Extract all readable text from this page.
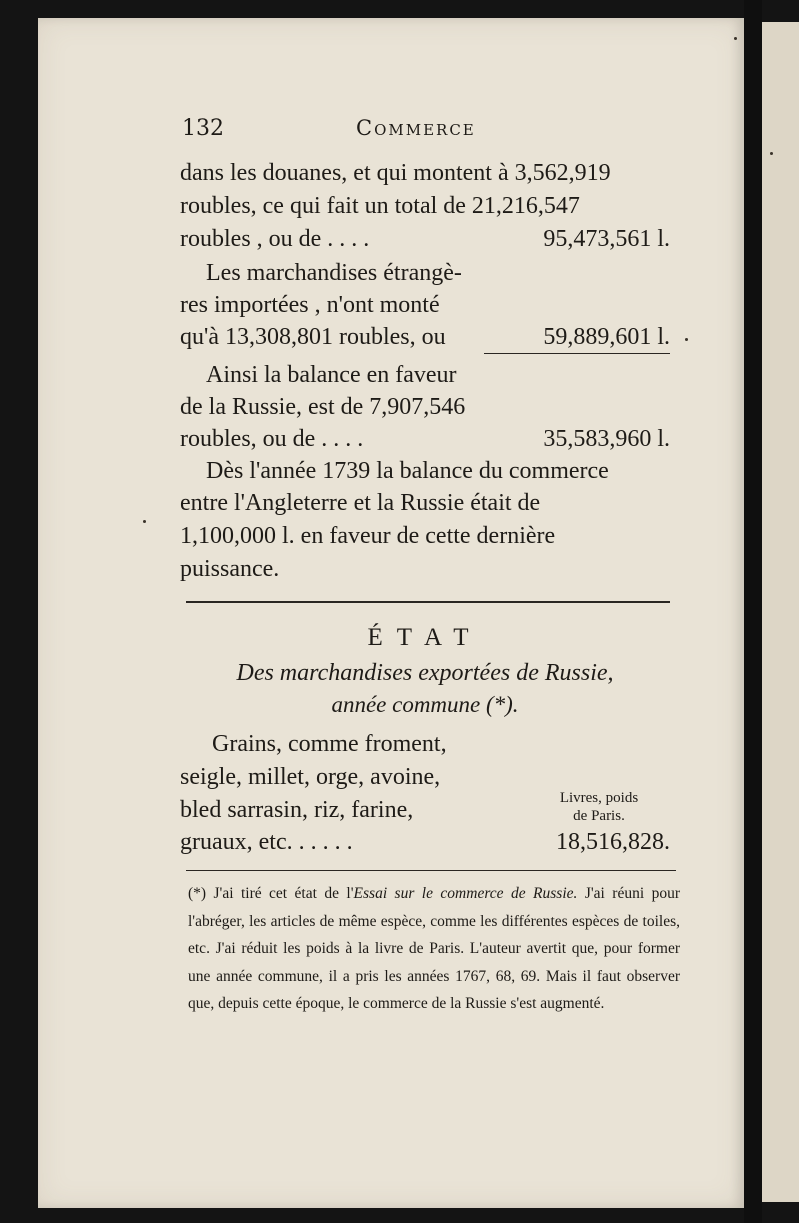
132	Commerce
dans les douanes, et qui montent à 3,562,919
roubles, ce qui fait un total de 21,216,547
roubles , ou de . . . .	95,473,561 l.
Les marchandises étrangè-
res importées , n'ont monté
qu'à 13,308,801 roubles, ou	59,889,601 l.
Ainsi la balance en faveur
de la Russie, est de 7,907,546
roubles, ou de . . . .	35,583,960 l.
Dès l'année 1739 la balance du commerce
entre l'Angleterre et la Russie était de
1,100,000 l. en faveur de cette dernière
puissance.
ÉTAT
Des marchandises exportées de Russie,
année commune (*).
Grains, comme froment,
seigle, millet, orge, avoine,
bled sarrasin, riz, farine,	Livres, poids
de Paris.
gruaux, etc. . . . . .	18,516,828.
(*) J'ai tiré cet état de l'Essai sur le commerce de Russie. J'ai réuni pour l'abréger, les articles de même espèce, comme les différentes espèces de toiles, etc. J'ai réduit les poids à la livre de Paris. L'auteur avertit que, pour former une année commune, il a pris les années 1767, 68, 69. Mais il faut observer que, depuis cette époque, le commerce de la Russie s'est augmenté.
